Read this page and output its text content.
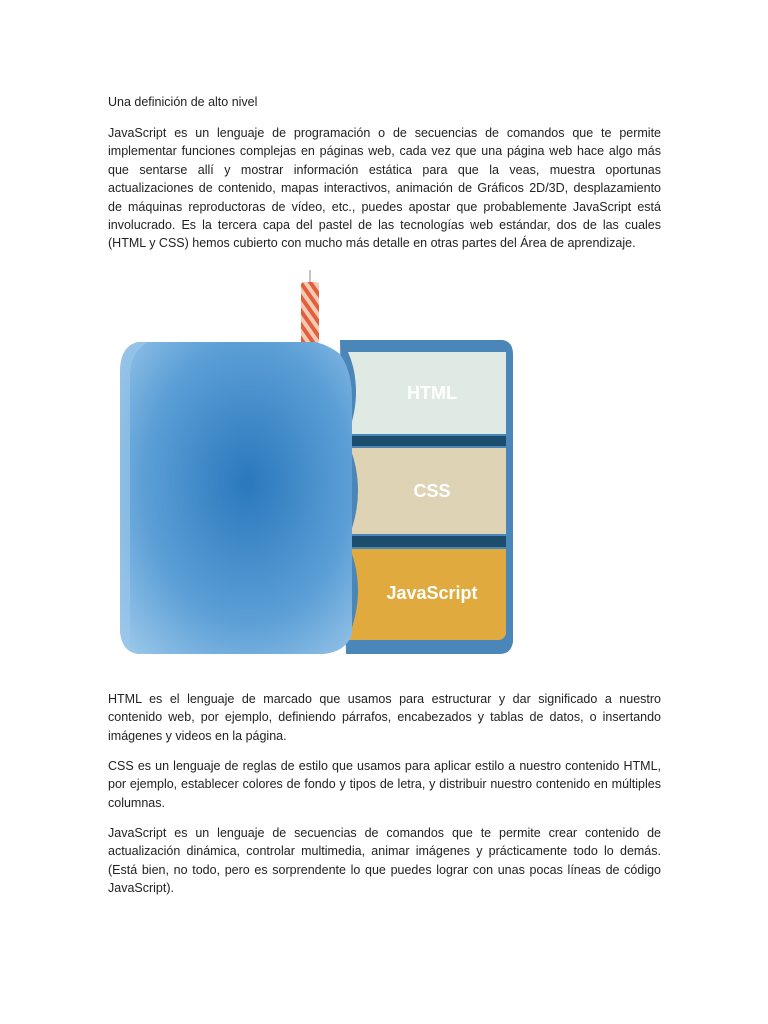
Una definición de alto nivel

JavaScript es un lenguaje de programación o de secuencias de comandos que te permite implementar funciones complejas en páginas web, cada vez que una página web hace algo más que sentarse allí y mostrar información estática para que la veas, muestra oportunas actualizaciones de contenido, mapas interactivos, animación de Gráficos 2D/3D, desplazamiento de máquinas reproductoras de vídeo, etc., puedes apostar que probablemente JavaScript está involucrado. Es la tercera capa del pastel de las tecnologías web estándar, dos de las cuales (HTML y CSS) hemos cubierto con mucho más detalle en otras partes del Área de aprendizaje.

HTML
CSS
JavaScript

HTML es el lenguaje de marcado que usamos para estructurar y dar significado a nuestro contenido web, por ejemplo, definiendo párrafos, encabezados y tablas de datos, o insertando imágenes y videos en la página.

CSS es un lenguaje de reglas de estilo que usamos para aplicar estilo a nuestro contenido HTML, por ejemplo, establecer colores de fondo y tipos de letra, y distribuir nuestro contenido en múltiples columnas.

JavaScript es un lenguaje de secuencias de comandos que te permite crear contenido de actualización dinámica, controlar multimedia, animar imágenes y prácticamente todo lo demás. (Está bien, no todo, pero es sorprendente lo que puedes lograr con unas pocas líneas de código JavaScript).
